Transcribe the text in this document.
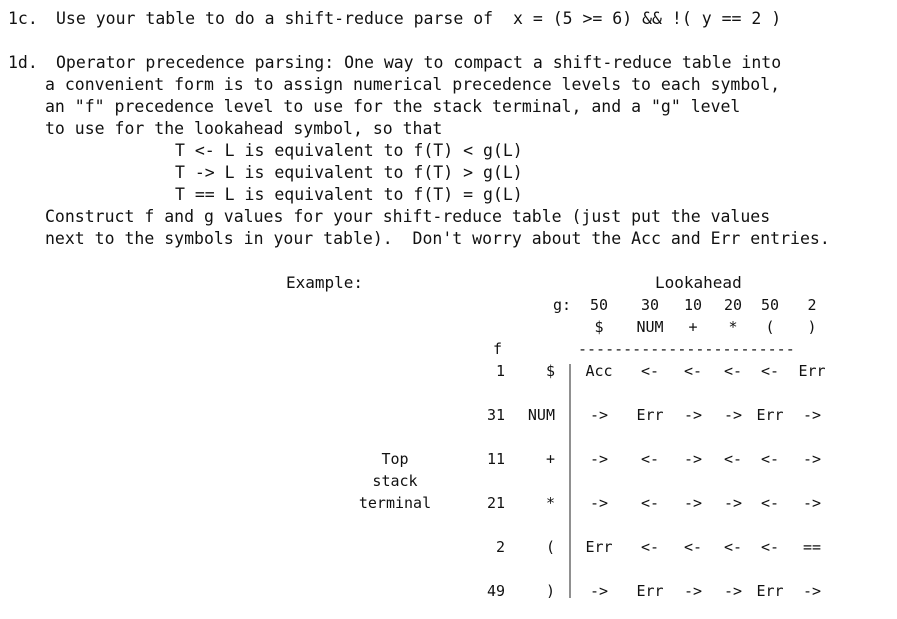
1c. Use your table to do a shift-reduce parse of  x = (5 >= 6) && !( y == 2 )
1d. Operator precedence parsing: One way to compact a shift-reduce table into
a convenient form is to assign numerical precedence levels to each symbol,
an "f" precedence level to use for the stack terminal, and a "g" level
to use for the lookahead symbol, so that
T <- L is equivalent to f(T) < g(L)
T -> L is equivalent to f(T) > g(L)
T == L is equivalent to f(T) = g(L)
Construct f and g values for your shift-reduce table (just put the values
next to the symbols in your table).  Don't worry about the Acc and Err entries.
Example:	Lookahead
g:
f	------------------------
Top
stack
terminal
50	30	10	20	50	2
$	NUM	+	*	(	)
1	$	Acc	<-	<-	<-	<-	Err
31	NUM	->	Err	->	-> Err	->
11	+	->	<-	->	<-	<-	->
21	*	->	<-	->	->	<-	->
2	(	Err	<-	<-	<-	<-	==
49	)	->	Err	->	-> Err	->
